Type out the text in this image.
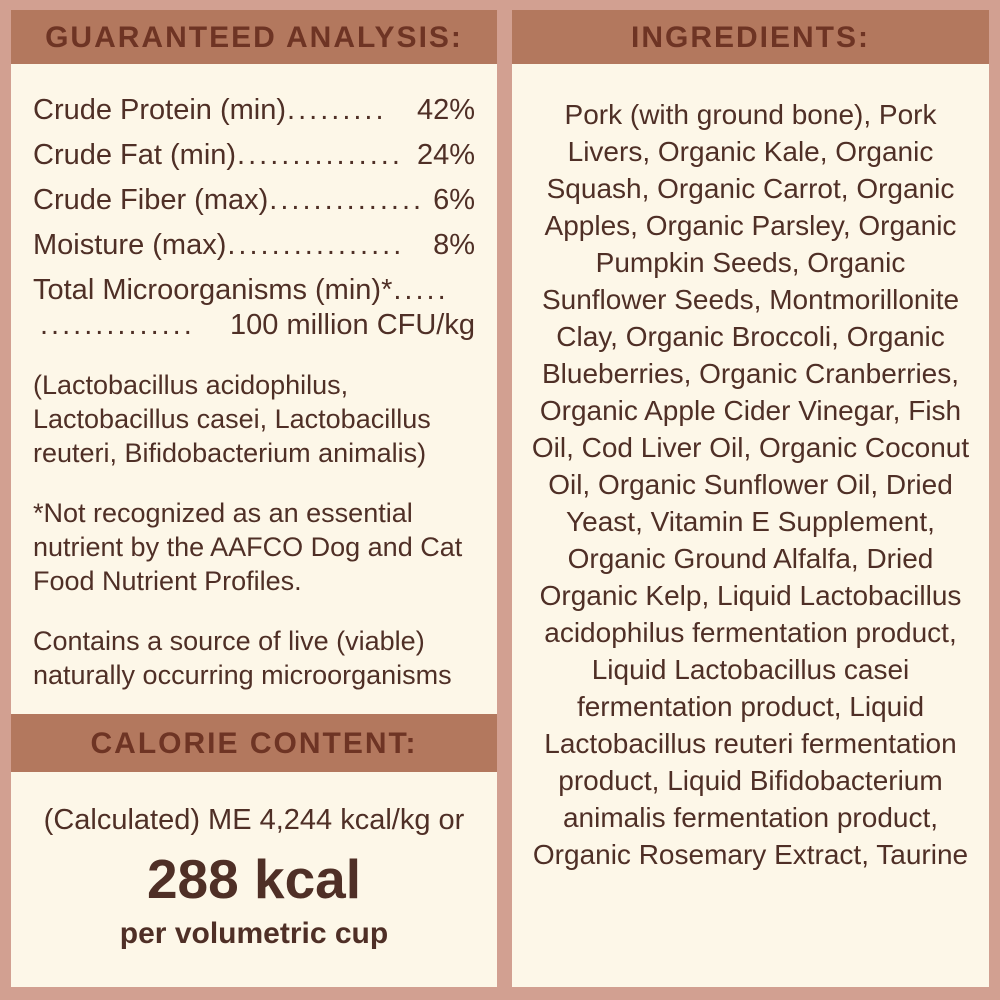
GUARANTEED ANALYSIS:
Crude Protein (min) .........	42%
Crude Fat (min) ............... 24%
Crude Fiber (max) .............. 6%
Moisture (max) ................ 8%
Total Microorganisms (min)* .....
.............. 100 million CFU/kg
(Lactobacillus acidophilus, Lactobacillus casei, Lactobacillus reuteri, Bifidobacterium animalis)
*Not recognized as an essential nutrient by the AAFCO Dog and Cat Food Nutrient Profiles.
Contains a source of live (viable) naturally occurring microorganisms
CALORIE CONTENT:
(Calculated) ME 4,244 kcal/kg or
288 kcal
per volumetric cup
INGREDIENTS:
Pork (with ground bone), Pork Livers, Organic Kale, Organic Squash, Organic Carrot, Organic Apples, Organic Parsley, Organic Pumpkin Seeds, Organic Sunflower Seeds, Montmorillonite Clay, Organic Broccoli, Organic Blueberries, Organic Cranberries, Organic Apple Cider Vinegar, Fish Oil, Cod Liver Oil, Organic Coconut Oil, Organic Sunflower Oil, Dried Yeast, Vitamin E Supplement, Organic Ground Alfalfa, Dried Organic Kelp, Liquid Lactobacillus acidophilus fermentation product, Liquid Lactobacillus casei fermentation product, Liquid Lactobacillus reuteri fermentation product, Liquid Bifidobacterium animalis fermentation product, Organic Rosemary Extract, Taurine
